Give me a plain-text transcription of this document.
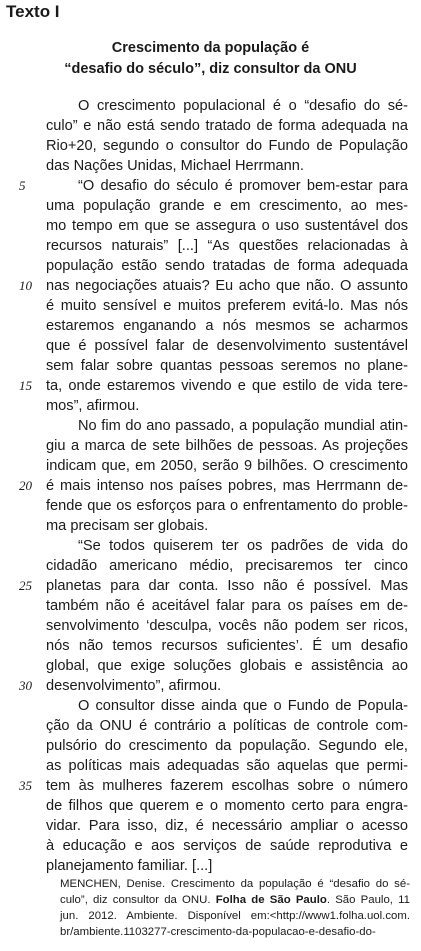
Texto I
Crescimento da população é
“desafio do século”, diz consultor da ONU
O crescimento populacional é o “desafio do sé-
culo” e não está sendo tratado de forma adequada na
Rio+20, segundo o consultor do Fundo de População
das Nações Unidas, Michael Herrmann.
“O desafio do século é promover bem-estar para
uma população grande e em crescimento, ao mes-
mo tempo em que se assegura o uso sustentável dos
recursos naturais” [...] “As questões relacionadas à
população estão sendo tratadas de forma adequada
nas negociações atuais? Eu acho que não. O assunto
é muito sensível e muitos preferem evitá-lo. Mas nós
estaremos enganando a nós mesmos se acharmos
que é possível falar de desenvolvimento sustentável
sem falar sobre quantas pessoas seremos no plane-
ta, onde estaremos vivendo e que estilo de vida tere-
mos”, afirmou.
No fim do ano passado, a população mundial atin-
giu a marca de sete bilhões de pessoas. As projeções
indicam que, em 2050, serão 9 bilhões. O crescimento
é mais intenso nos países pobres, mas Herrmann de-
fende que os esforços para o enfrentamento do proble-
ma precisam ser globais.
“Se todos quiserem ter os padrões de vida do
cidadão americano médio, precisaremos ter cinco
planetas para dar conta. Isso não é possível. Mas
também não é aceitável falar para os países em de-
senvolvimento ‘desculpa, vocês não podem ser ricos,
nós não temos recursos suficientes’. É um desafio
global, que exige soluções globais e assistência ao
desenvolvimento”, afirmou.
O consultor disse ainda que o Fundo de Popula-
ção da ONU é contrário a políticas de controle com-
pulsório do crescimento da população. Segundo ele,
as políticas mais adequadas são aquelas que permi-
tem às mulheres fazerem escolhas sobre o número
de filhos que querem e o momento certo para engra-
vidar. Para isso, diz, é necessário ampliar o acesso
à educação e aos serviços de saúde reprodutiva e
planejamento familiar. [...]
5
10
15
20
25
30
35
MENCHEN, Denise. Crescimento da população é “desafio do sé-
culo”, diz consultor da ONU. Folha de São Paulo. São Paulo, 11
jun. 2012. Ambiente. Disponível em:<http://www1.folha.uol.com.
br/ambiente.1103277-crescimento-da-populacao-e-desafio-do-
